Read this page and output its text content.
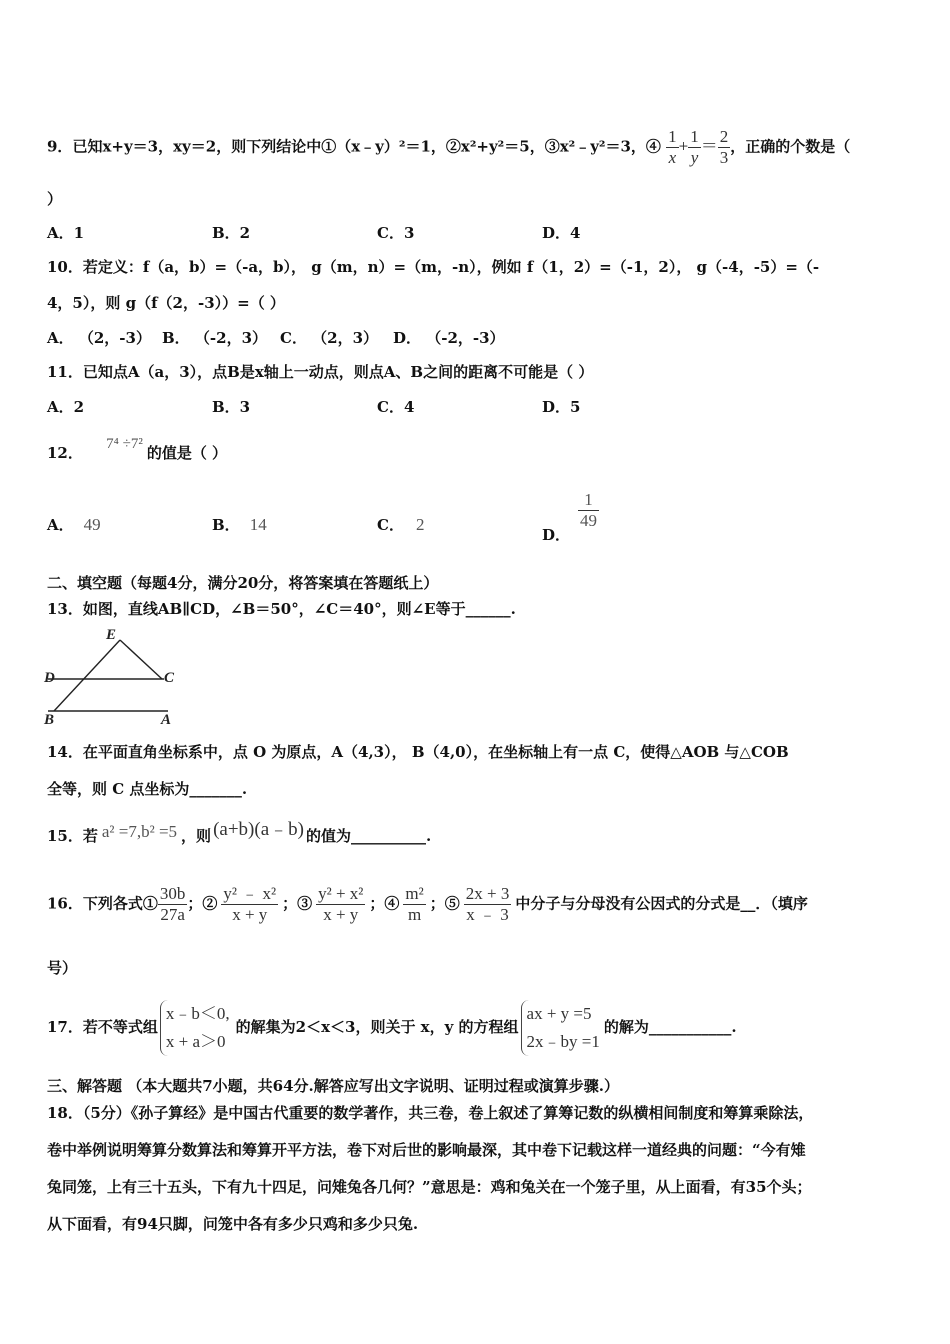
9．已知x+y＝3，xy＝2，则下列结论中①（x﹣y）²＝1，②x²+y²＝5，③x²﹣y²＝3，④ $\frac{1}{x} + \frac{1}{y} = \frac{2}{3}$ ，正确的个数是（
）
A．1	B．2	C．3	D．4
10．若定义：f（a，b）=（-a，b）， g（m，n）=（m，-n），例如 f（1，2）=（-1，2）， g（-4，-5）=（-
4，5），则 g（f（2，-3））=（ ）
A． （2，-3） B． （-2，3） C． （2，3） D． （-2，-3）
11．已知点A（a，3），点B是x轴上一动点，则点A、B之间的距离不可能是（ ）
A．2	B．3	C．4	D．5
12． 7⁴ ÷7² 的值是（ ）
A． 49	B． 14	C． 2
D．
$\frac{1}{49}$
二、填空题（每题4分，满分20分，将答案填在答题纸上）
13．如图，直线AB∥CD，∠B＝50°，∠C＝40°，则∠E等于______.
E
D	C
B	A
14．在平面直角坐标系中，点 O 为原点，A（4,3）， B（4,0），在坐标轴上有一点 C，使得△AOB 与△COB
全等，则 C 点坐标为_______.
15．若 a² =7,b² =5 ，则 (a+b)(a﹣b) 的值为__________.
16．下列各式① $\frac{30b}{27a}$ ；② $\frac{\text{y² ﹣ x²}}{x + y}$ ；③ $\frac{\text{y² + x²}}{x + y}$ ；④ $\frac{\text{m²}}{m}$ ；⑤ $\frac{2x + 3}{x ﹣ 3}$ 中分子与分母没有公因式的分式是__．（填序
号）
17．若不等式组
x﹣b＜0,
x + a＞0
的解集为2＜x＜3，则关于 x，y 的方程组
ax + y =5
2x﹣by =1
的解为___________.
三、解答题 （本大题共7小题，共64分.解答应写出文字说明、证明过程或演算步骤.）
18．（5分）《孙子算经》是中国古代重要的数学著作，共三卷，卷上叙述了算筹记数的纵横相间制度和筹算乘除法，
卷中举例说明筹算分数算法和筹算开平方法，卷下对后世的影响最深，其中卷下记载这样一道经典的问题：“今有雉
兔同笼，上有三十五头，下有九十四足，问雉兔各几何？”意思是：鸡和兔关在一个笼子里，从上面看，有35个头；
从下面看，有94只脚，问笼中各有多少只鸡和多少只兔.
